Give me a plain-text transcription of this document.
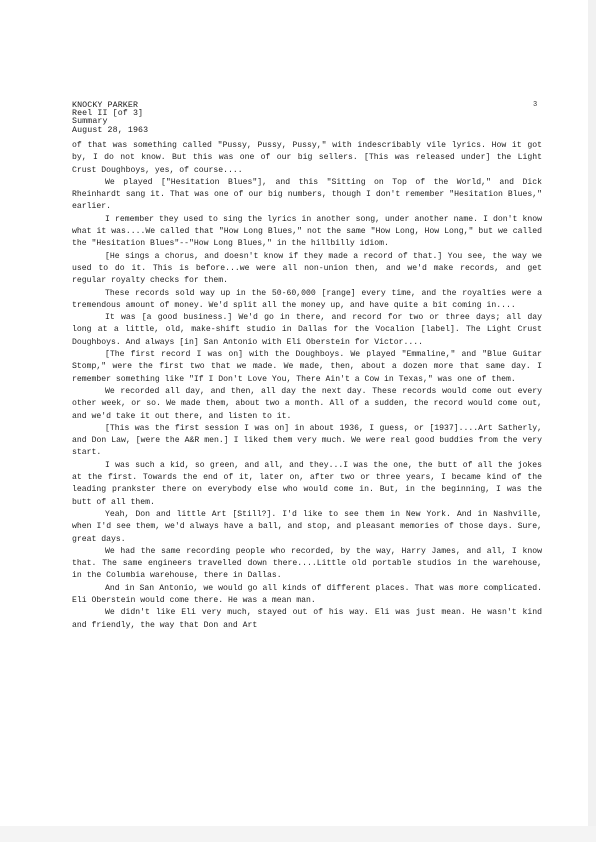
KNOCKY PARKER
Reel II [of 3]
Summary
August 28, 1963
3

of that was something called "Pussy, Pussy, Pussy," with indescribably vile lyrics. How it got by, I do not know. But this was one of our big sellers. [This was released under] the Light Crust Doughboys, yes, of course....

We played ["Hesitation Blues"], and this "Sitting on Top of the World," and Dick Rheinhardt sang it. That was one of our big numbers, though I don't remember "Hesitation Blues," earlier.

I remember they used to sing the lyrics in another song, under another name. I don't know what it was....We called that "How Long Blues," not the same "How Long, How Long," but we called the "Hesitation Blues"--"How Long Blues," in the hillbilly idiom.

[He sings a chorus, and doesn't know if they made a record of that.] You see, the way we used to do it. This is before...we were all non-union then, and we'd make records, and get regular royalty checks for them.

These records sold way up in the 50-60,000 [range] every time, and the royalties were a tremendous amount of money. We'd split all the money up, and have quite a bit coming in....

It was [a good business.] We'd go in there, and record for two or three days; all day long at a little, old, make-shift studio in Dallas for the Vocalion [label]. The Light Crust Doughboys. And always [in] San Antonio with Eli Oberstein for Victor....

[The first record I was on] with the Doughboys. We played "Emmaline," and "Blue Guitar Stomp," were the first two that we made. We made, then, about a dozen more that same day. I remember something like "If I Don't Love You, There Ain't a Cow in Texas," was one of them.

We recorded all day, and then, all day the next day. These records would come out every other week, or so. We made them, about two a month. All of a sudden, the record would come out, and we'd take it out there, and listen to it.

[This was the first session I was on] in about 1936, I guess, or [1937]....Art Satherly, and Don Law, [were the A&R men.] I liked them very much. We were real good buddies from the very start.

I was such a kid, so green, and all, and they...I was the one, the butt of all the jokes at the first. Towards the end of it, later on, after two or three years, I became kind of the leading prankster there on everybody else who would come in. But, in the beginning, I was the butt of all them.

Yeah, Don and little Art [Still?]. I'd like to see them in New York. And in Nashville, when I'd see them, we'd always have a ball, and stop, and pleasant memories of those days. Sure, great days.

We had the same recording people who recorded, by the way, Harry James, and all, I know that. The same engineers travelled down there....Little old portable studios in the warehouse, in the Columbia warehouse, there in Dallas.

And in San Antonio, we would go all kinds of different places. That was more complicated. Eli Oberstein would come there. He was a mean man.

We didn't like Eli very much, stayed out of his way. Eli was just mean. He wasn't kind and friendly, the way that Don and Art
